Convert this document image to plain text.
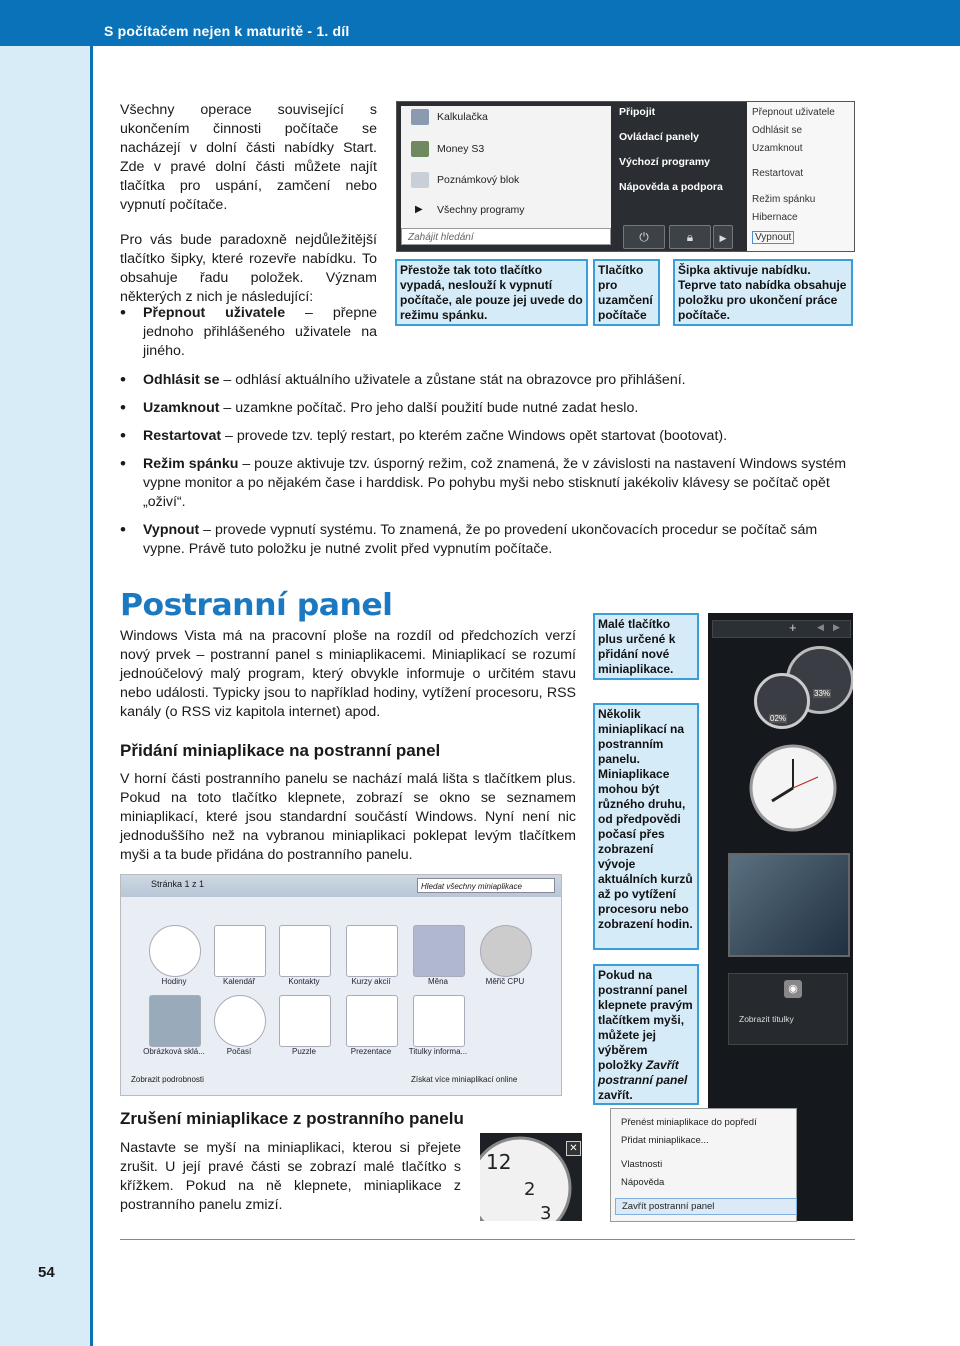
S počítačem nejen k maturitě - 1. díl
54

Všechny operace související s ukončením činnosti počítače se nacházejí v dolní části nabídky Start. Zde v pravé dolní části můžete najít tlačítka pro uspání, zamčení nebo vypnutí počítače.

Pro vás bude paradoxně nejdůležitější tlačítko šipky, které rozevře nabídku. To obsahuje řadu položek. Význam některých z nich je následující:

Kalkulačka
Money S3
Poznámkový blok
▶ Všechny programy
Zahájit hledání
Připojit
Ovládací panely
Výchozí programy
Nápověda a podpora
⏻	🔒︎	▶
Přepnout uživatele
Odhlásit se
Uzamknout
Restartovat
Režim spánku
Hibernace
Vypnout
Přestože tak toto tlačítko vypadá, neslouží k vypnutí počítače, ale pouze jej uvede do režimu spánku.
Tlačítko pro uzamčení počítače
Šipka aktivuje nabídku. Teprve tato nabídka obsahuje položku pro ukončení práce počítače.
• Přepnout uživatele – přepne jednoho přihlášeného uživatele na jiného.
• Odhlásit se – odhlásí aktuálního uživatele a zůstane stát na obrazovce pro přihlášení.
• Uzamknout – uzamkne počítač. Pro jeho další použití bude nutné zadat heslo.
• Restartovat – provede tzv. teplý restart, po kterém začne Windows opět startovat (bootovat).
• Režim spánku – pouze aktivuje tzv. úsporný režim, což znamená, že v závislosti na nastavení Windows systém vypne monitor a po nějakém čase i harddisk. Po pohybu myši nebo stisknutí jakékoliv klávesy se počítač opět „oživí“.
• Vypnout – provede vypnutí systému. To znamená, že po provedení ukončovacích procedur se počítač sám vypne. Právě tuto položku je nutné zvolit před vypnutím počítače.
Postranní panel
Windows Vista má na pracovní ploše na rozdíl od předchozích verzí nový prvek – postranní panel s miniaplikacemi. Miniaplikací se rozumí jednoúčelový malý program, který obvykle informuje o určitém stavu nebo události. Typicky jsou to například hodiny, vytížení procesoru, RSS kanály (o RSS viz kapitola internet) apod.
Přidání miniaplikace na postranní panel
V horní části postranního panelu se nachází malá lišta s tlačítkem plus. Pokud na toto tlačítko klepnete, zobrazí se okno se seznamem miniaplikací, které jsou standardní součástí Windows. Nyní není nic jednoduššího než na vybranou miniaplikaci poklepat levým tlačítkem myši a ta bude přidána do postranního panelu.
Stránka 1 z 1	Hledat všechny miniaplikace
Hodiny	Kalendář	Kontakty	Kurzy akcií	Měna	Měřič CPU
Obrázková sklá...	Počasí	Puzzle	Prezentace	Titulky informa...
Zobrazit podrobnosti	Získat více miniaplikací online
Zrušení miniaplikace z postranního panelu
Nastavte se myší na miniaplikaci, kterou si přejete zrušit. U její pravé části se zobrazí malé tlačítko s křížkem. Pokud na ně klepnete, miniaplikace z postranního panelu zmizí.
12
2
3
✕
Malé tlačítko plus určené k přidání nové miniaplikace.
Několik miniaplikací na postranním panelu. Miniaplikace mohou být různého druhu, od předpovědi počasí přes zobrazení vývoje aktuálních kurzů až po vytížení procesoru nebo zobrazení hodin.
Pokud na postranní panel klepnete pravým tlačítkem myši, můžete jej výběrem položky Zavřít postranní panel zavřít.
+ ◀ ▶
33%
02%
◉
Zobrazit titulky
Přenést miniaplikace do popředí
Přidat miniaplikace...
Vlastnosti
Nápověda
Zavřít postranní panel
